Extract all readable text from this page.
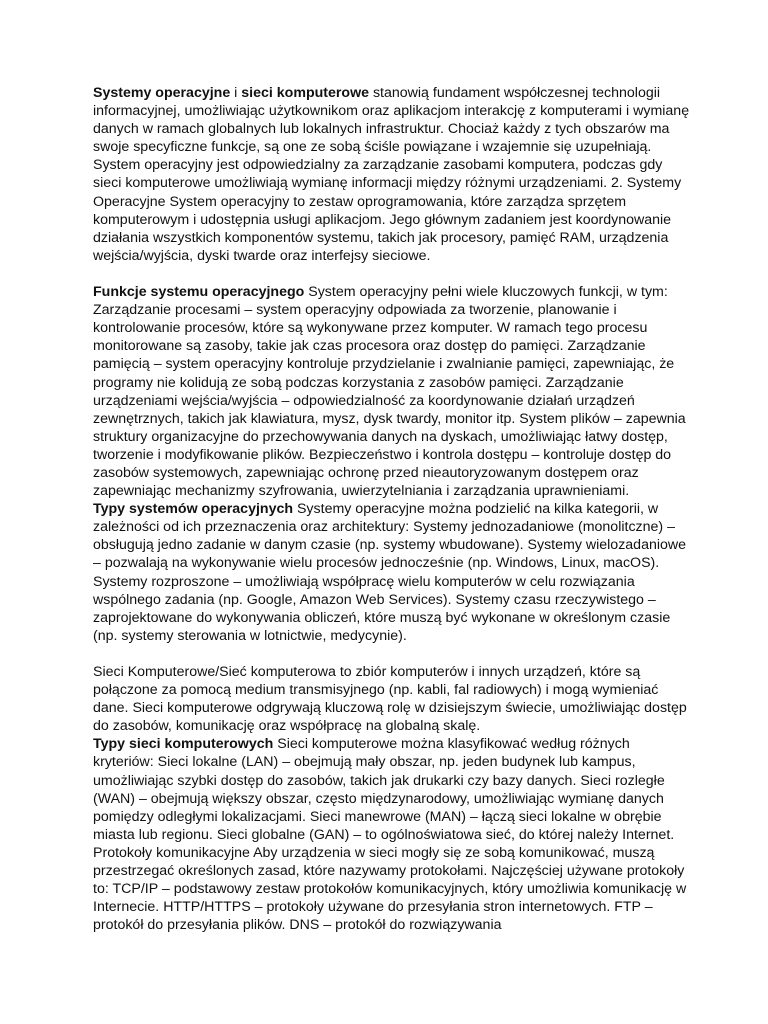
Systemy operacyjne i sieci komputerowe stanowią fundament współczesnej technologii informacyjnej, umożliwiając użytkownikom oraz aplikacjom interakcję z komputerami i wymianę danych w ramach globalnych lub lokalnych infrastruktur. Chociaż każdy z tych obszarów ma swoje specyficzne funkcje, są one ze sobą ściśle powiązane i wzajemnie się uzupełniają. System operacyjny jest odpowiedzialny za zarządzanie zasobami komputera, podczas gdy sieci komputerowe umożliwiają wymianę informacji między różnymi urządzeniami. 2. Systemy Operacyjne System operacyjny to zestaw oprogramowania, które zarządza sprzętem komputerowym i udostępnia usługi aplikacjom. Jego głównym zadaniem jest koordynowanie działania wszystkich komponentów systemu, takich jak procesory, pamięć RAM, urządzenia wejścia/wyjścia, dyski twarde oraz interfejsy sieciowe.

Funkcje systemu operacyjnego System operacyjny pełni wiele kluczowych funkcji, w tym: Zarządzanie procesami – system operacyjny odpowiada za tworzenie, planowanie i kontrolowanie procesów, które są wykonywane przez komputer. W ramach tego procesu monitorowane są zasoby, takie jak czas procesora oraz dostęp do pamięci. Zarządzanie pamięcią – system operacyjny kontroluje przydzielanie i zwalnianie pamięci, zapewniając, że programy nie kolidują ze sobą podczas korzystania z zasobów pamięci. Zarządzanie urządzeniami wejścia/wyjścia – odpowiedzialność za koordynowanie działań urządzeń zewnętrznych, takich jak klawiatura, mysz, dysk twardy, monitor itp. System plików – zapewnia struktury organizacyjne do przechowywania danych na dyskach, umożliwiając łatwy dostęp, tworzenie i modyfikowanie plików. Bezpieczeństwo i kontrola dostępu – kontroluje dostęp do zasobów systemowych, zapewniając ochronę przed nieautoryzowanym dostępem oraz zapewniając mechanizmy szyfrowania, uwierzytelniania i zarządzania uprawnieniami.

Typy systemów operacyjnych Systemy operacyjne można podzielić na kilka kategorii, w zależności od ich przeznaczenia oraz architektury: Systemy jednozadaniowe (monolitczne) – obsługują jedno zadanie w danym czasie (np. systemy wbudowane). Systemy wielozadaniowe – pozwalają na wykonywanie wielu procesów jednocześnie (np. Windows, Linux, macOS). Systemy rozproszone – umożliwiają współpracę wielu komputerów w celu rozwiązania wspólnego zadania (np. Google, Amazon Web Services). Systemy czasu rzeczywistego – zaprojektowane do wykonywania obliczeń, które muszą być wykonane w określonym czasie (np. systemy sterowania w lotnictwie, medycynie).

Sieci Komputerowe/Sieć komputerowa to zbiór komputerów i innych urządzeń, które są połączone za pomocą medium transmisyjnego (np. kabli, fal radiowych) i mogą wymieniać dane. Sieci komputerowe odgrywają kluczową rolę w dzisiejszym świecie, umożliwiając dostęp do zasobów, komunikację oraz współpracę na globalną skalę.

Typy sieci komputerowych Sieci komputerowe można klasyfikować według różnych kryteriów: Sieci lokalne (LAN) – obejmują mały obszar, np. jeden budynek lub kampus, umożliwiając szybki dostęp do zasobów, takich jak drukarki czy bazy danych. Sieci rozległe (WAN) – obejmują większy obszar, często międzynarodowy, umożliwiając wymianę danych pomiędzy odległymi lokalizacjami. Sieci manewrowe (MAN) – łączą sieci lokalne w obrębie miasta lub regionu. Sieci globalne (GAN) – to ogólnoświatowa sieć, do której należy Internet. Protokoły komunikacyjne Aby urządzenia w sieci mogły się ze sobą komunikować, muszą przestrzegać określonych zasad, które nazywamy protokołami. Najczęściej używane protokoły to: TCP/IP – podstawowy zestaw protokołów komunikacyjnych, który umożliwia komunikację w Internecie. HTTP/HTTPS – protokoły używane do przesyłania stron internetowych. FTP – protokół do przesyłania plików. DNS – protokół do rozwiązywania
